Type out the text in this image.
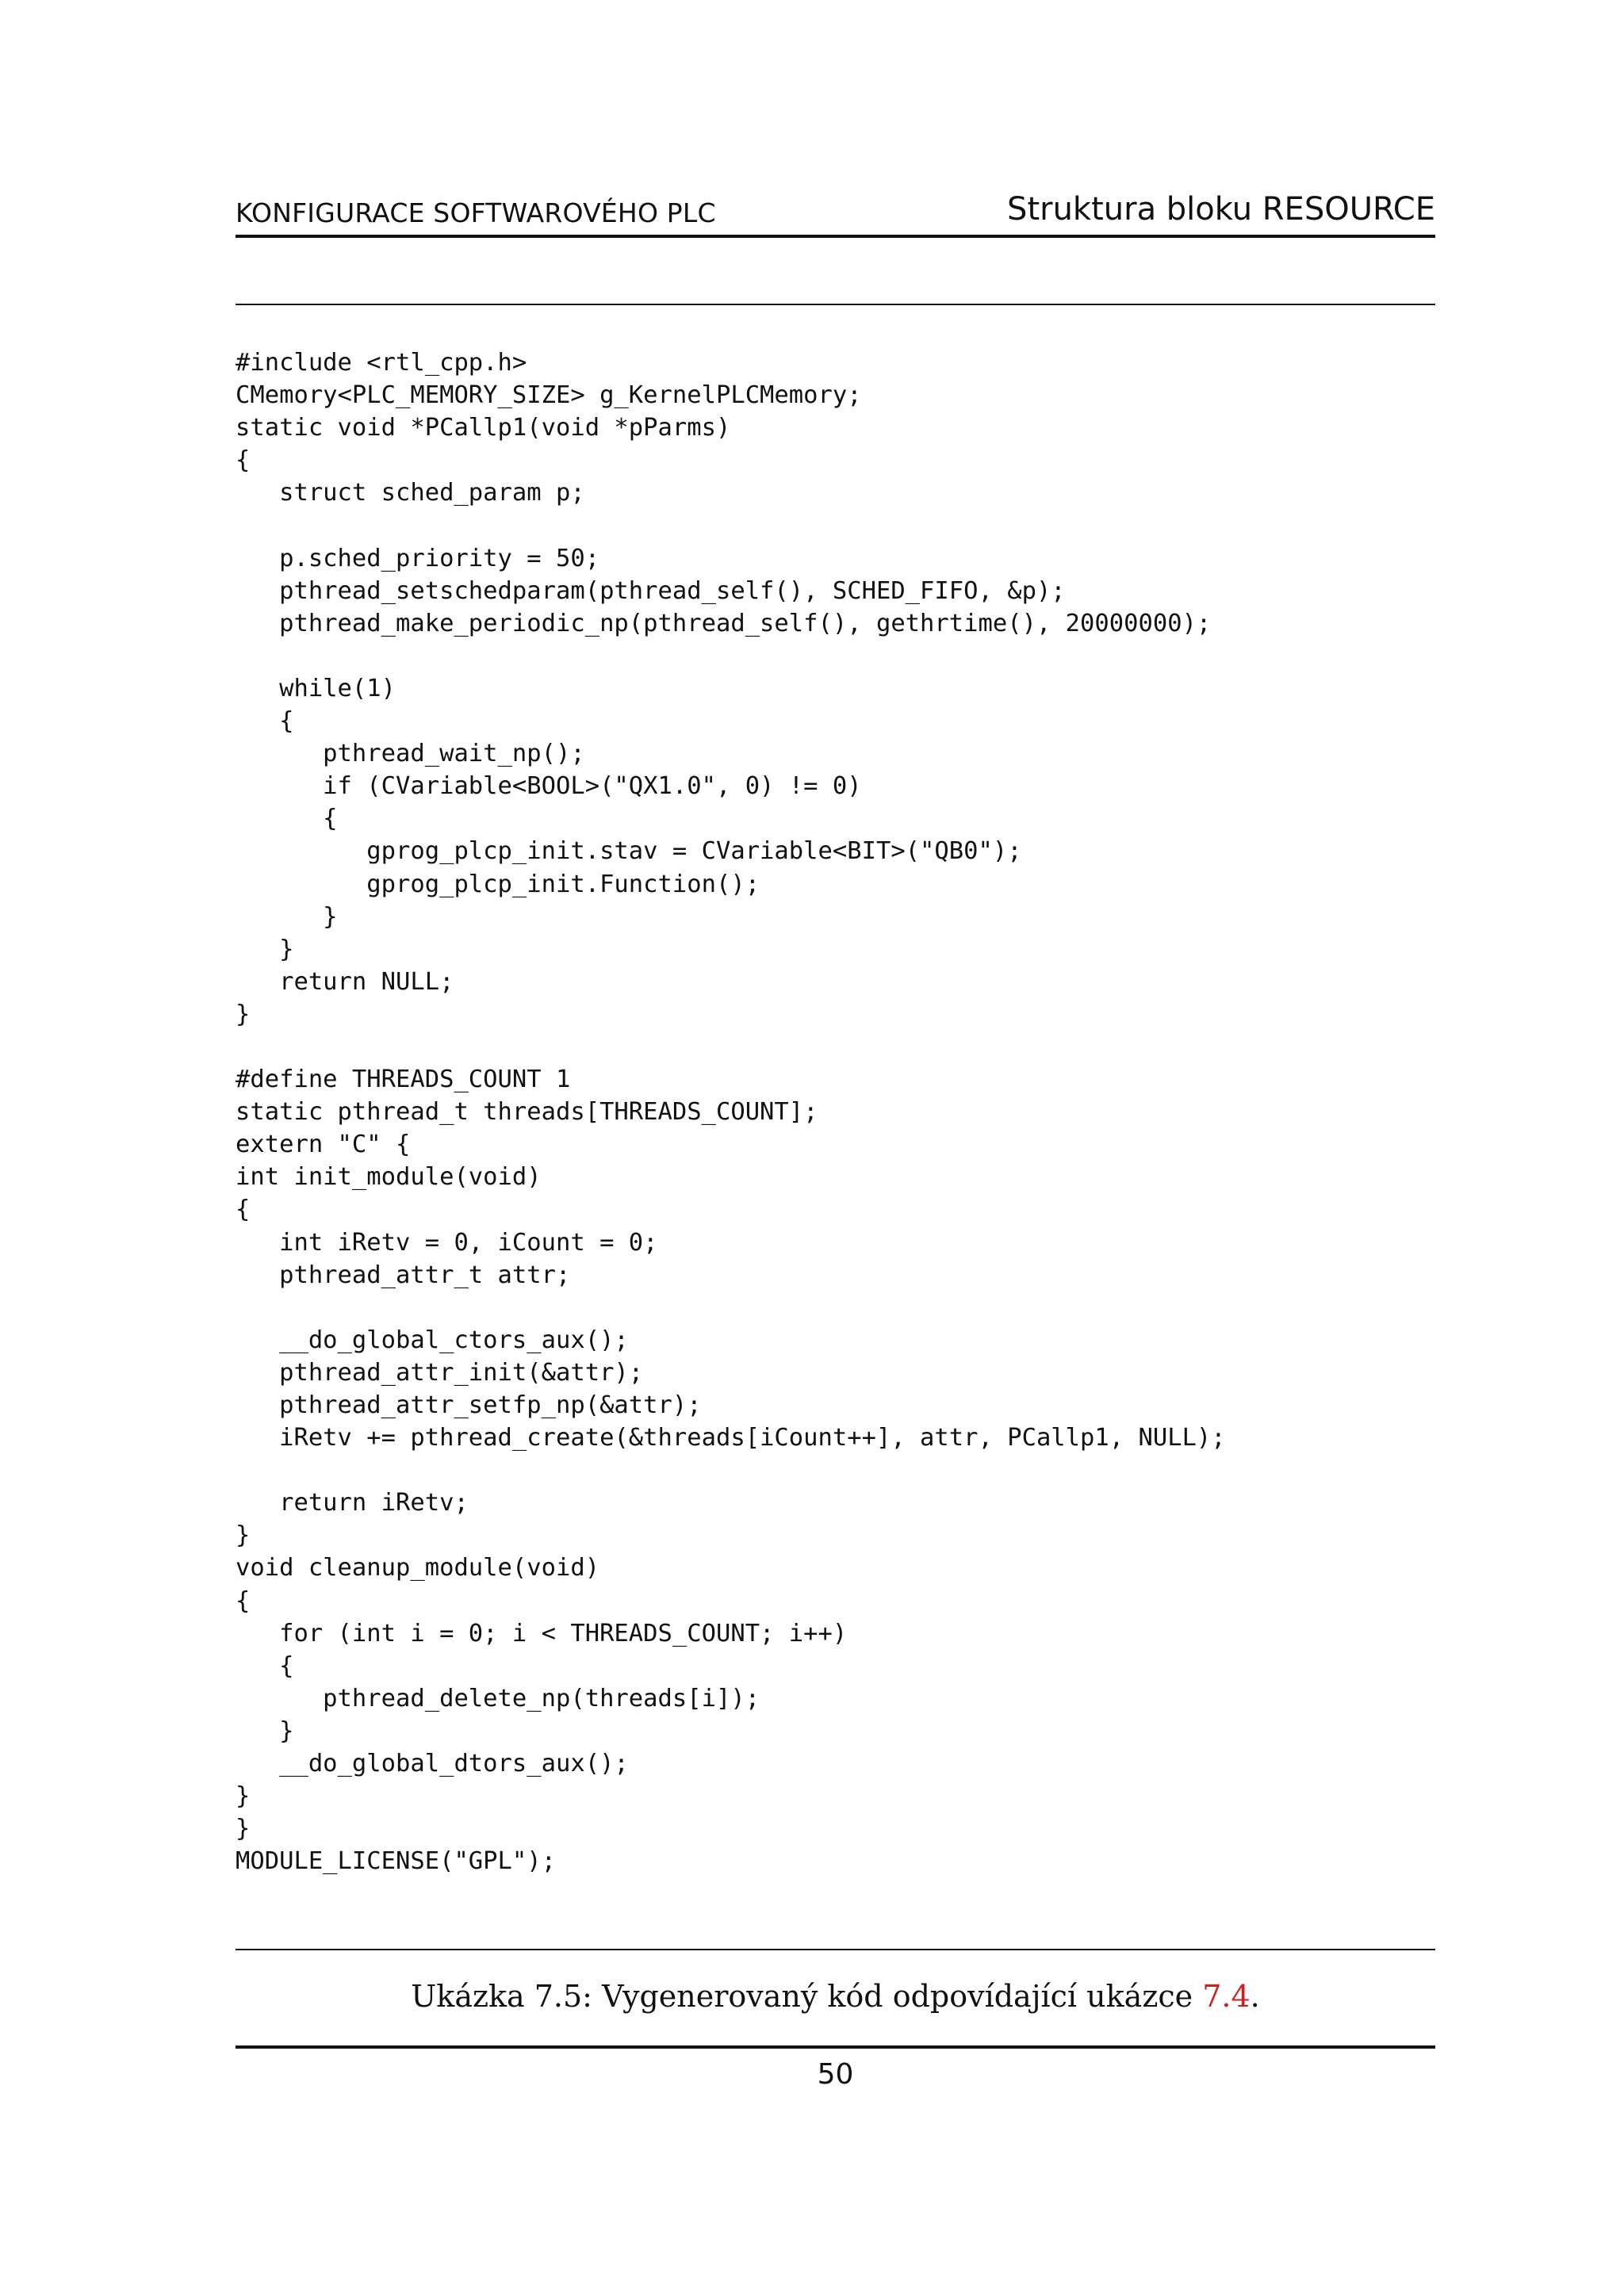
KONFIGURACE SOFTWAROVÉHO PLC	Struktura bloku RESOURCE
#include <rtl_cpp.h>
CMemory<PLC_MEMORY_SIZE> g_KernelPLCMemory;
static void *PCallp1(void *pParms)
{
struct sched_param p;
p.sched_priority = 50;
pthread_setschedparam(pthread_self(), SCHED_FIFO, &p);
pthread_make_periodic_np(pthread_self(), gethrtime(), 20000000);
while(1)
{
pthread_wait_np();
if (CVariable<BOOL>("QX1.0", 0) != 0)
{
gprog_plcp_init.stav = CVariable<BIT>("QB0");
gprog_plcp_init.Function();
}
}
return NULL;
}
#define THREADS_COUNT 1
static pthread_t threads[THREADS_COUNT];
extern "C" {
int init_module(void)
{
int iRetv = 0, iCount = 0;
pthread_attr_t attr;
__do_global_ctors_aux();
pthread_attr_init(&attr);
pthread_attr_setfp_np(&attr);
iRetv += pthread_create(&threads[iCount++], attr, PCallp1, NULL);
return iRetv;
}
void cleanup_module(void)
{
for (int i = 0; i < THREADS_COUNT; i++)
{
pthread_delete_np(threads[i]);
}
__do_global_dtors_aux();
}
}
MODULE_LICENSE("GPL");
Ukázka 7.5: Vygenerovaný kód odpovídající ukázce 7.4.
50
